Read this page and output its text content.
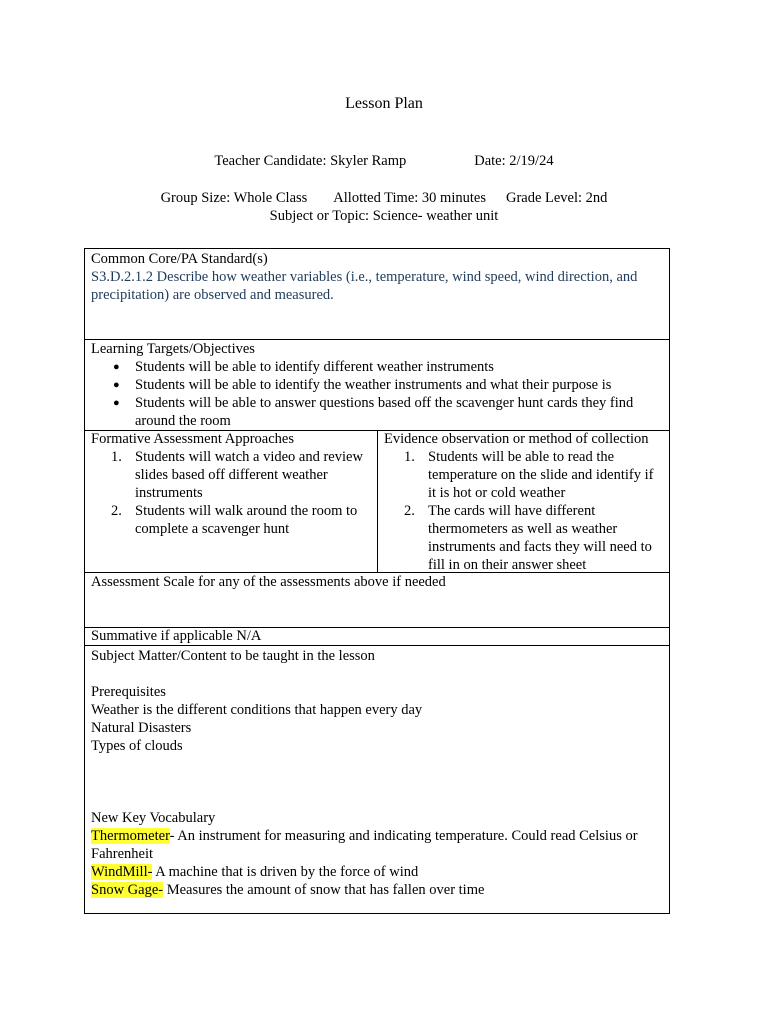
Lesson Plan
Teacher Candidate: Skyler Ramp	Date: 2/19/24
Group Size: Whole Class Allotted Time: 30 minutes Grade Level: 2nd
Subject or Topic: Science- weather unit
Common Core/PA Standard(s)
S3.D.2.1.2 Describe how weather variables (i.e., temperature, wind speed, wind direction, and precipitation) are observed and measured.
Learning Targets/Objectives
● Students will be able to identify different weather instruments
● Students will be able to identify the weather instruments and what their purpose is
● Students will be able to answer questions based off the scavenger hunt cards they find around the room
Formative Assessment Approaches
1. Students will watch a video and review slides based off different weather instruments
2. Students will walk around the room to complete a scavenger hunt
Evidence observation or method of collection
1. Students will be able to read the temperature on the slide and identify if it is hot or cold weather
2. The cards will have different thermometers as well as weather instruments and facts they will need to fill in on their answer sheet
Assessment Scale for any of the assessments above if needed
Summative if applicable N/A
Subject Matter/Content to be taught in the lesson
Prerequisites
Weather is the different conditions that happen every day
Natural Disasters
Types of clouds
New Key Vocabulary
Thermometer- An instrument for measuring and indicating temperature. Could read Celsius or Fahrenheit
WindMill- A machine that is driven by the force of wind
Snow Gage- Measures the amount of snow that has fallen over time
